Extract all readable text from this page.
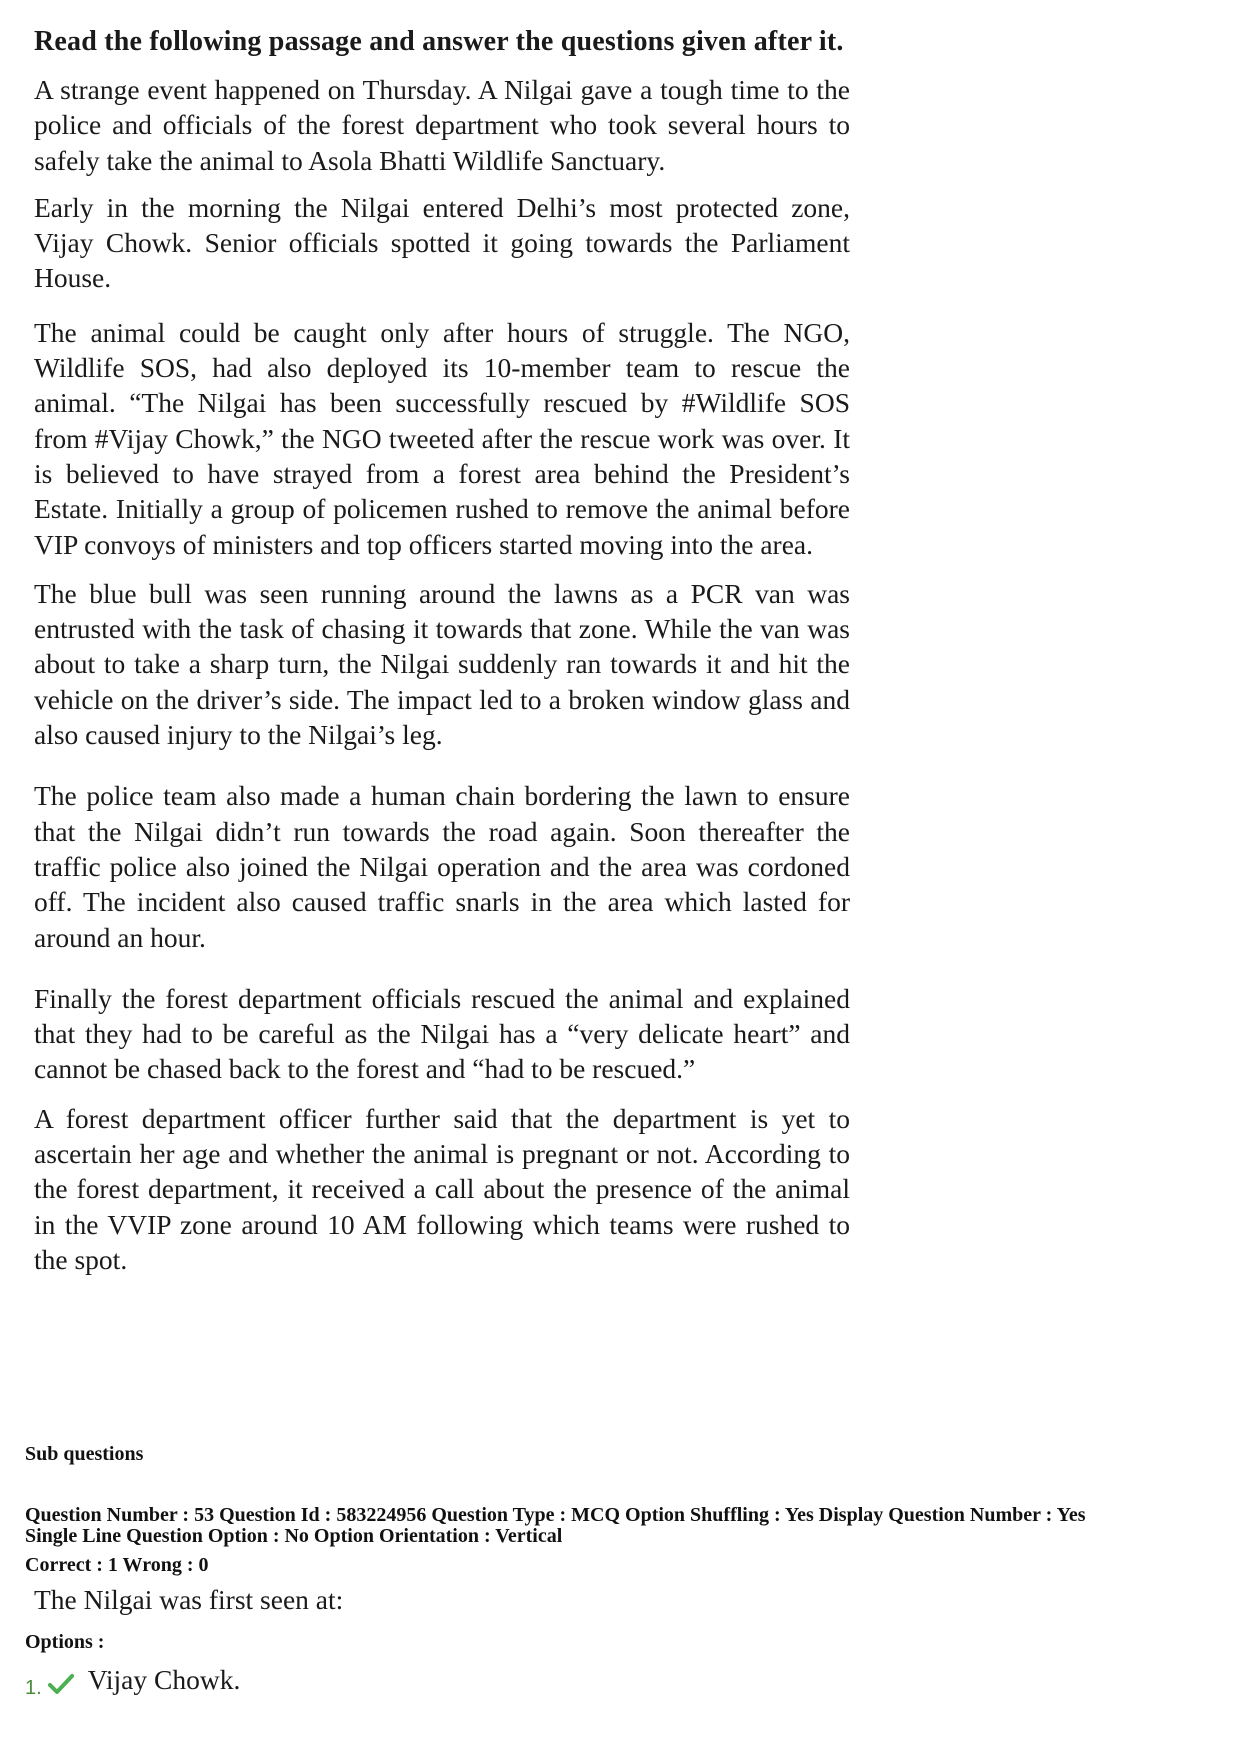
Read the following passage and answer the questions given after it.

A strange event happened on Thursday. A Nilgai gave a tough time to the police and officials of the forest department who took several hours to safely take the animal to Asola Bhatti Wildlife Sanctuary.

Early in the morning the Nilgai entered Delhi’s most protected zone, Vijay Chowk. Senior officials spotted it going towards the Parliament House.

The animal could be caught only after hours of struggle. The NGO, Wildlife SOS, had also deployed its 10-member team to rescue the animal. “The Nilgai has been successfully rescued by #Wildlife SOS from #Vijay Chowk,” the NGO tweeted after the rescue work was over. It is believed to have strayed from a forest area behind the President’s Estate. Initially a group of policemen rushed to remove the animal before VIP convoys of ministers and top officers started moving into the area.

The blue bull was seen running around the lawns as a PCR van was entrusted with the task of chasing it towards that zone. While the van was about to take a sharp turn, the Nilgai suddenly ran towards it and hit the vehicle on the driver’s side. The impact led to a broken window glass and also caused injury to the Nilgai’s leg.

The police team also made a human chain bordering the lawn to ensure that the Nilgai didn’t run towards the road again. Soon thereafter the traffic police also joined the Nilgai operation and the area was cordoned off. The incident also caused traffic snarls in the area which lasted for around an hour.

Finally the forest department officials rescued the animal and explained that they had to be careful as the Nilgai has a “very delicate heart” and cannot be chased back to the forest and “had to be rescued.”

A forest department officer further said that the department is yet to ascertain her age and whether the animal is pregnant or not. According to the forest department, it received a call about the presence of the animal in the VVIP zone around 10 AM following which teams were rushed to the spot.

Sub questions
Question Number : 53 Question Id : 583224956 Question Type : MCQ Option Shuffling : Yes Display Question Number : Yes
Single Line Question Option : No Option Orientation : Vertical
Correct : 1 Wrong : 0
The Nilgai was first seen at:
Options :
1. Vijay Chowk.
